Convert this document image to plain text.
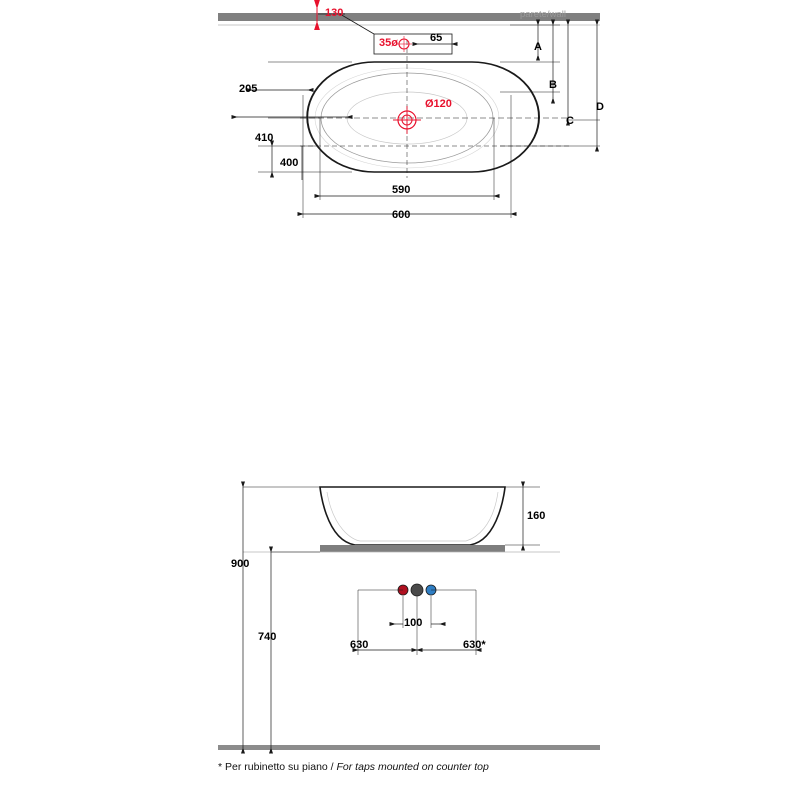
130
35ø	65
parete/wall
Ø120
205
410
400
590
600
A
B
C
D
160
900
740
630
100
630*
* Per rubinetto su piano / For taps mounted on counter top
